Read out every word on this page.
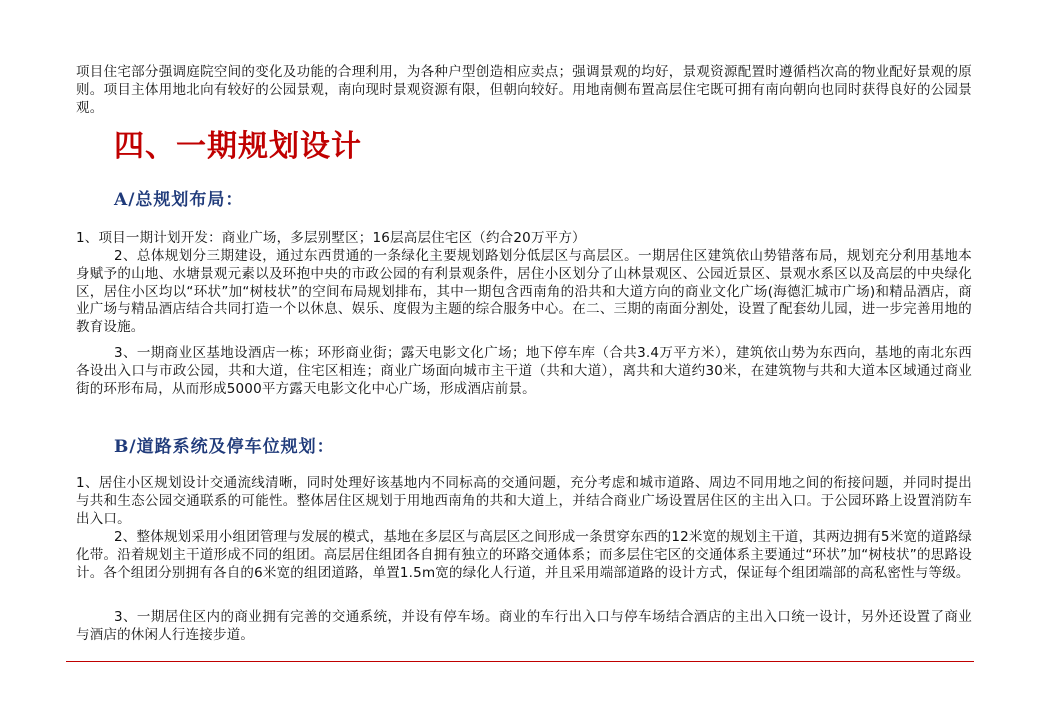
项目住宅部分强调庭院空间的变化及功能的合理利用，为各种户型创造相应卖点；强调景观的均好，景观资源配置时遵循档次高的物业配好景观的原则。项目主体用地北向有较好的公园景观，南向现时景观资源有限，但朝向较好。用地南侧布置高层住宅既可拥有南向朝向也同时获得良好的公园景观。

四、一期规划设计
A/总规划布局：

1、项目一期计划开发：商业广场，多层别墅区；16层高层住宅区（约合20万平方）

2、总体规划分三期建设，通过东西贯通的一条绿化主要规划路划分低层区与高层区。一期居住区建筑依山势错落布局，规划充分利用基地本身赋予的山地、水塘景观元素以及环抱中央的市政公园的有利景观条件，居住小区划分了山林景观区、公园近景区、景观水系区以及高层的中央绿化区，居住小区均以“环状”加“树枝状”的空间布局规划排布，其中一期包含西南角的沿共和大道方向的商业文化广场(海德汇城市广场)和精品酒店，商业广场与精品酒店结合共同打造一个以休息、娱乐、度假为主题的综合服务中心。在二、三期的南面分割处，设置了配套幼儿园，进一步完善用地的教育设施。

3、一期商业区基地设酒店一栋；环形商业街；露天电影文化广场；地下停车库（合共3.4万平方米），建筑依山势为东西向，基地的南北东西各设出入口与市政公园，共和大道，住宅区相连；商业广场面向城市主干道（共和大道），离共和大道约30米，在建筑物与共和大道本区域通过商业街的环形布局，从而形成5000平方露天电影文化中心广场，形成酒店前景。

B/道路系统及停车位规划：

1、居住小区规划设计交通流线清晰，同时处理好该基地内不同标高的交通问题，充分考虑和城市道路、周边不同用地之间的衔接问题，并同时提出与共和生态公园交通联系的可能性。整体居住区规划于用地西南角的共和大道上，并结合商业广场设置居住区的主出入口。于公园环路上设置消防车出入口。

2、整体规划采用小组团管理与发展的模式，基地在多层区与高层区之间形成一条贯穿东西的12米宽的规划主干道，其两边拥有5米宽的道路绿化带。沿着规划主干道形成不同的组团。高层居住组团各自拥有独立的环路交通体系；而多层住宅区的交通体系主要通过“环状”加“树枝状”的思路设计。各个组团分别拥有各自的6米宽的组团道路，单置1.5m宽的绿化人行道，并且采用端部道路的设计方式，保证每个组团端部的高私密性与等级。

3、一期居住区内的商业拥有完善的交通系统，并设有停车场。商业的车行出入口与停车场结合酒店的主出入口统一设计，另外还设置了商业与酒店的休闲人行连接步道。
